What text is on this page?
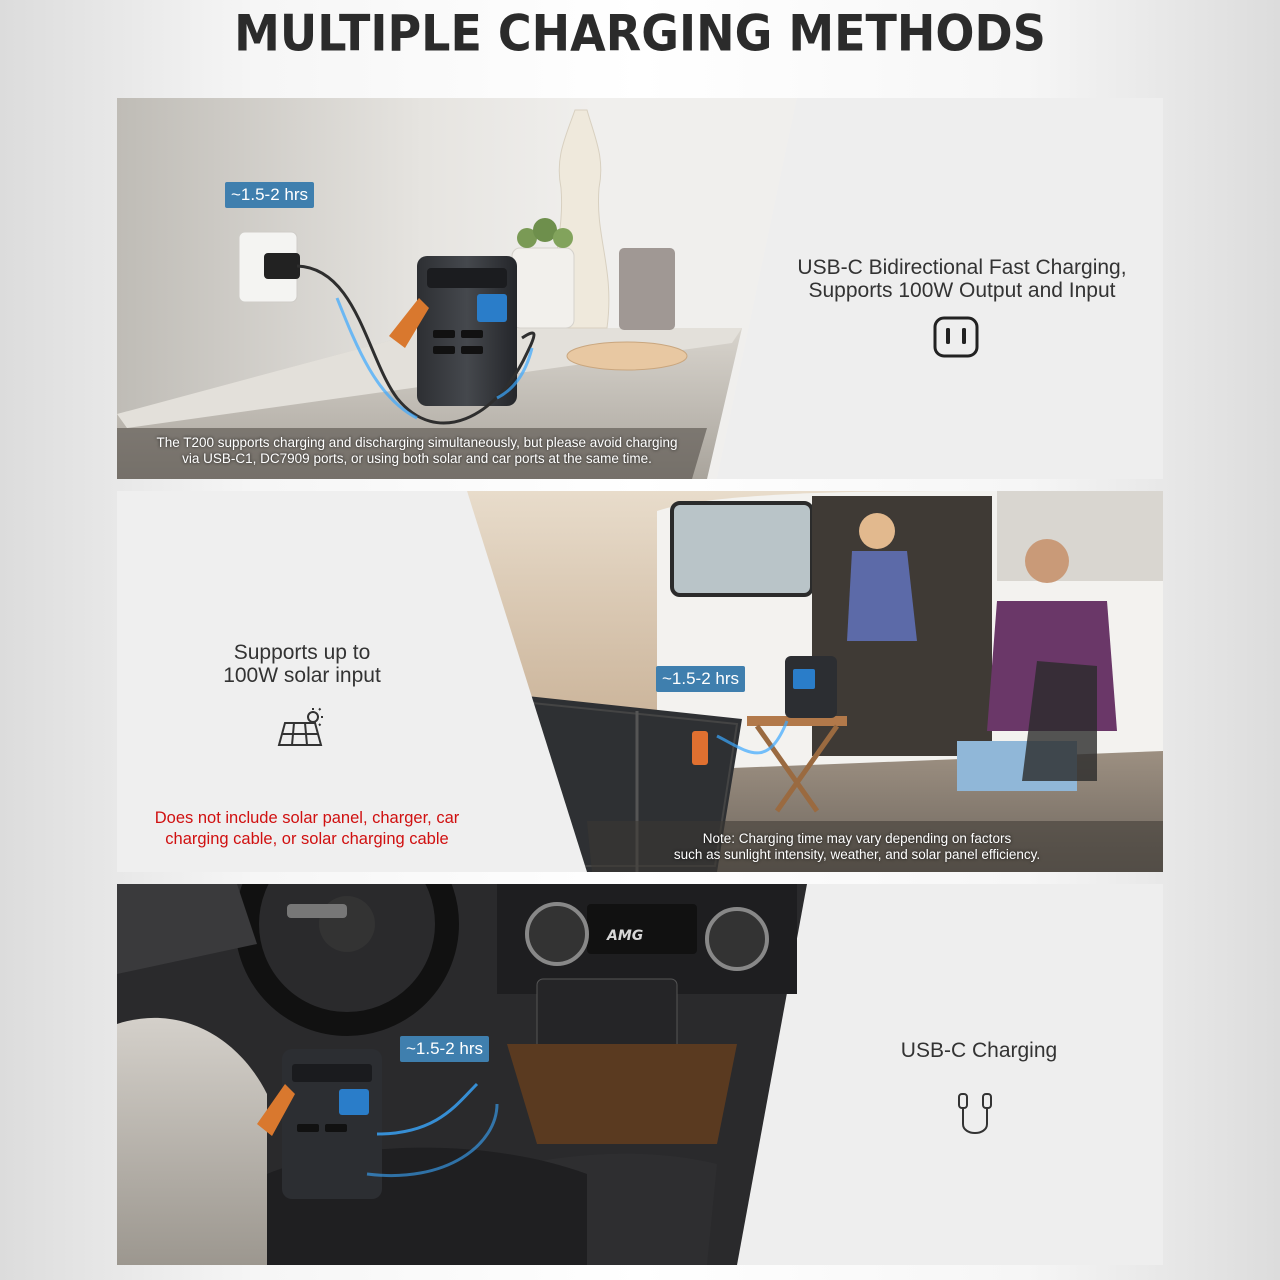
MULTIPLE CHARGING METHODS
~1.5-2 hrs
The T200 supports charging and discharging simultaneously, but please avoid charging
via USB-C1, DC7909 ports, or using both solar and car ports at the same time.
USB-C Bidirectional Fast Charging,
Supports 100W Output and Input
~1.5-2 hrs
Supports up to
100W solar input
Does not include solar panel, charger, car
charging cable, or solar charging cable	Note: Charging time may vary depending on factors
such as sunlight intensity, weather, and solar panel efficiency.
AMG
~1.5-2 hrs	USB-C Charging
